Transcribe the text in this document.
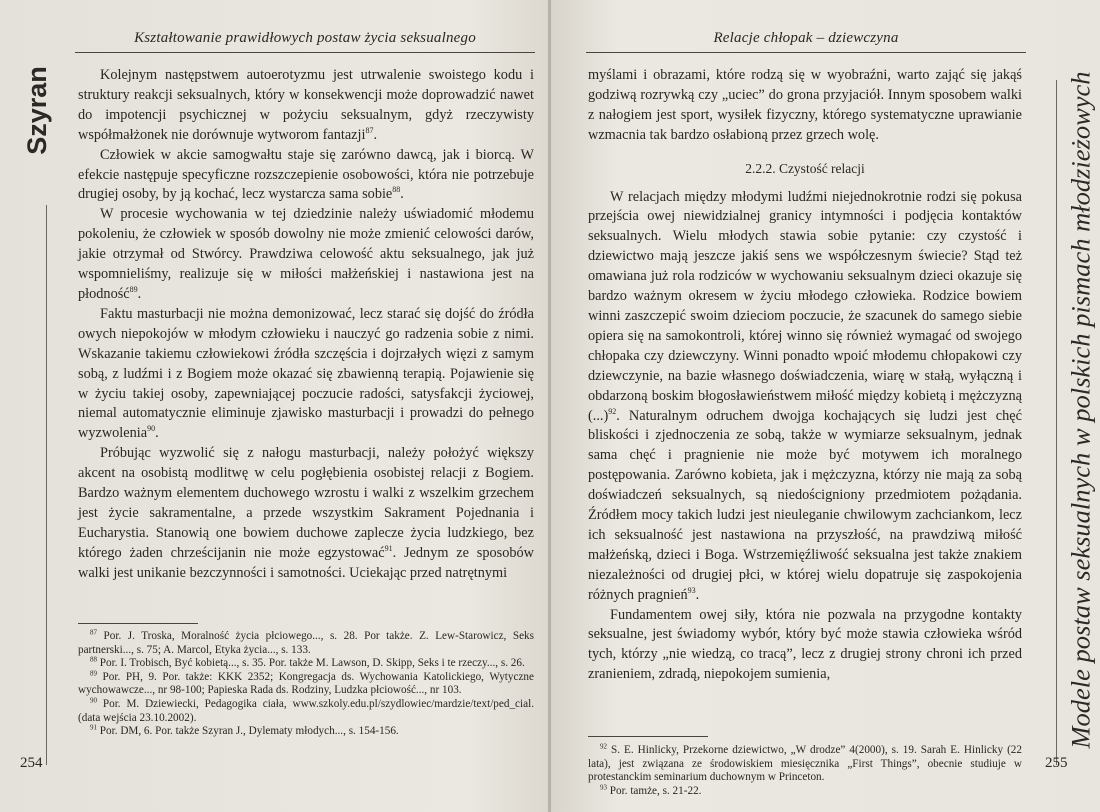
Szyran
Kształtowanie prawidłowych postaw życia seksualnego

Kolejnym następstwem autoerotyzmu jest utrwalenie swoistego kodu i struktury reakcji seksualnych, który w konsekwencji może doprowadzić nawet do impotencji psychicznej w pożyciu seksualnym, gdyż rzeczywisty współmałżonek nie dorównuje wytworom fantazji$^{87}$.

Człowiek w akcie samogwałtu staje się zarówno dawcą, jak i biorcą. W efekcie następuje specyficzne rozszczepienie osobowości, która nie potrzebuje drugiej osoby, by ją kochać, lecz wystarcza sama sobie$^{88}$.

W procesie wychowania w tej dziedzinie należy uświadomić młodemu pokoleniu, że człowiek w sposób dowolny nie może zmienić celowości darów, jakie otrzymał od Stwórcy. Prawdziwa celowość aktu seksualnego, jak już wspomnieliśmy, realizuje się w miłości małżeńskiej i nastawiona jest na płodność$^{89}$.

Faktu masturbacji nie można demonizować, lecz starać się dojść do źródła owych niepokojów w młodym człowieku i nauczyć go radzenia sobie z nimi. Wskazanie takiemu człowiekowi źródła szczęścia i dojrzałych więzi z samym sobą, z ludźmi i z Bogiem może okazać się zbawienną terapią. Pojawienie się w życiu takiej osoby, zapewniającej poczucie radości, satysfakcji życiowej, niemal automatycznie eliminuje zjawisko masturbacji i prowadzi do pełnego wyzwolenia$^{90}$.

Próbując wyzwolić się z nałogu masturbacji, należy położyć większy akcent na osobistą modlitwę w celu pogłębienia osobistej relacji z Bogiem. Bardzo ważnym elementem duchowego wzrostu i walki z wszelkim grzechem jest życie sakramentalne, a przede wszystkim Sakrament Pojednania i Eucharystia. Stanowią one bowiem duchowe zaplecze życia ludzkiego, bez którego żaden chrześcijanin nie może egzystować$^{91}$. Jednym ze sposobów walki jest unikanie bezczynności i samotności. Uciekając przed natrętnymi

$^{87}$ Por. J. Troska, Moralność życia płciowego..., s. 28. Por także. Z. Lew-Starowicz, Seks partnerski..., s. 75; A. Marcol, Etyka życia..., s. 133.

$^{88}$ Por. I. Trobisch, Być kobietą..., s. 35. Por. także M. Lawson, D. Skipp, Seks i te rzeczy..., s. 26.

$^{89}$ Por. PH, 9. Por. także: KKK 2352; Kongregacja ds. Wychowania Katolickiego, Wytyczne wychowawcze..., nr 98-100; Papieska Rada ds. Rodziny, Ludzka płciowość..., nr 103.

$^{90}$ Por. M. Dziewiecki, Pedagogika ciała, www.szkoly.edu.pl/szydlowiec/mardzie/text/ped_cial. (data wejścia 23.10.2002).

$^{91}$ Por. DM, 6. Por. także Szyran J., Dylematy młodych..., s. 154-156.

254
Relacje chłopak – dziewczyna
Modele postaw seksualnych w polskich pismach młodzieżowych

myślami i obrazami, które rodzą się w wyobraźni, warto zająć się jakąś godziwą rozrywką czy „uciec” do grona przyjaciół. Innym sposobem walki z nałogiem jest sport, wysiłek fizyczny, którego systematyczne uprawianie wzmacnia tak bardzo osłabioną przez grzech wolę.

2.2.2. Czystość relacji

W relacjach między młodymi ludźmi niejednokrotnie rodzi się pokusa przejścia owej niewidzialnej granicy intymności i podjęcia kontaktów seksualnych. Wielu młodych stawia sobie pytanie: czy czystość i dziewictwo mają jeszcze jakiś sens we współczesnym świecie? Stąd też omawiana już rola rodziców w wychowaniu seksualnym dzieci okazuje się bardzo ważnym okresem w życiu młodego człowieka. Rodzice bowiem winni zaszczepić swoim dzieciom poczucie, że szacunek do samego siebie opiera się na samokontroli, której winno się również wymagać od swojego chłopaka czy dziewczyny. Winni ponadto wpoić młodemu chłopakowi czy dziewczynie, na bazie własnego doświadczenia, wiarę w stałą, wyłączną i obdarzoną boskim błogosławieństwem miłość między kobietą i mężczyzną (...)$^{92}$. Naturalnym odruchem dwojga kochających się ludzi jest chęć bliskości i zjednoczenia ze sobą, także w wymiarze seksualnym, jednak sama chęć i pragnienie nie może być motywem ich moralnego postępowania. Zarówno kobieta, jak i mężczyzna, którzy nie mają za sobą doświadczeń seksualnych, są niedościgniony przedmiotem pożądania. Źródłem mocy takich ludzi jest nieuleganie chwilowym zachciankom, lecz ich seksualność jest nastawiona na przyszłość, na prawdziwą miłość małżeńską, dzieci i Boga. Wstrzemięźliwość seksualna jest także znakiem niezależności od drugiej płci, w której wielu dopatruje się zaspokojenia różnych pragnień$^{93}$.

Fundamentem owej siły, która nie pozwala na przygodne kontakty seksualne, jest świadomy wybór, który być może stawia człowieka wśród tych, którzy „nie wiedzą, co tracą”, lecz z drugiej strony chroni ich przed zranieniem, zdradą, niepokojem sumienia,

$^{92}$ S. E. Hinlicky, Przekorne dziewictwo, „W drodze” 4(2000), s. 19. Sarah E. Hinlicky (22 lata), jest związana ze środowiskiem miesięcznika „First Things”, obecnie studiuje w protestanckim seminarium duchownym w Princeton.

$^{93}$ Por. tamże, s. 21-22.

255
